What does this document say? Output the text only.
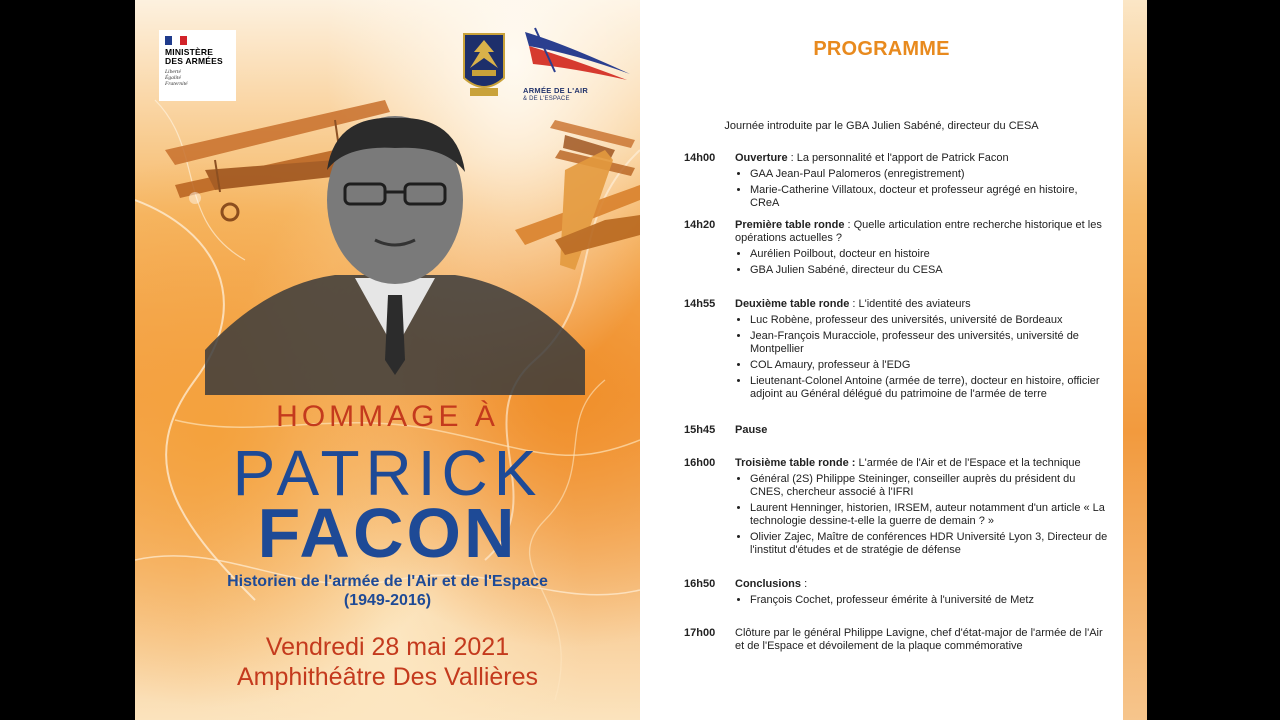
MINISTÈRE
DES ARMÉES
Liberté
Égalité
Fraternité
ARMÉE DE L'AIR
& DE L'ESPACE
HOMMAGE À
PATRICK
FACON
Historien de l'armée de l'Air et de l'Espace
(1949-2016)
Vendredi 28 mai 2021
Amphithéâtre Des Vallières
PROGRAMME
Journée introduite par le GBA Julien Sabéné, directeur du CESA
14h00	Ouverture : La personnalité et l'apport de Patrick Facon
• GAA Jean-Paul Palomeros (enregistrement)
• Marie-Catherine Villatoux, docteur et professeur agrégé en histoire, CReA
14h20	Première table ronde : Quelle articulation entre recherche historique et les opérations actuelles ?
• Aurélien Poilbout, docteur en histoire
• GBA Julien Sabéné, directeur du CESA
14h55	Deuxième table ronde : L'identité des aviateurs
• Luc Robène, professeur des universités, université de Bordeaux
• Jean-François Muracciole, professeur des universités, université de Montpellier
• COL Amaury, professeur à l'EDG
• Lieutenant-Colonel Antoine (armée de terre), docteur en histoire, officier adjoint au Général délégué du patrimoine de l'armée de terre
15h45	Pause
16h00	Troisième table ronde : L'armée de l'Air et de l'Espace et la technique
• Général (2S) Philippe Steininger, conseiller auprès du président du CNES, chercheur associé à l'IFRI
• Laurent Henninger, historien, IRSEM, auteur notamment d'un article « La technologie dessine-t-elle la guerre de demain ? »
• Olivier Zajec, Maître de conférences HDR Université Lyon 3, Directeur de l'institut d'études et de stratégie de défense
16h50	Conclusions :
• François Cochet, professeur émérite à l'université de Metz
17h00	Clôture par le général Philippe Lavigne, chef d'état-major de l'armée de l'Air et de l'Espace et dévoilement de la plaque commémorative
